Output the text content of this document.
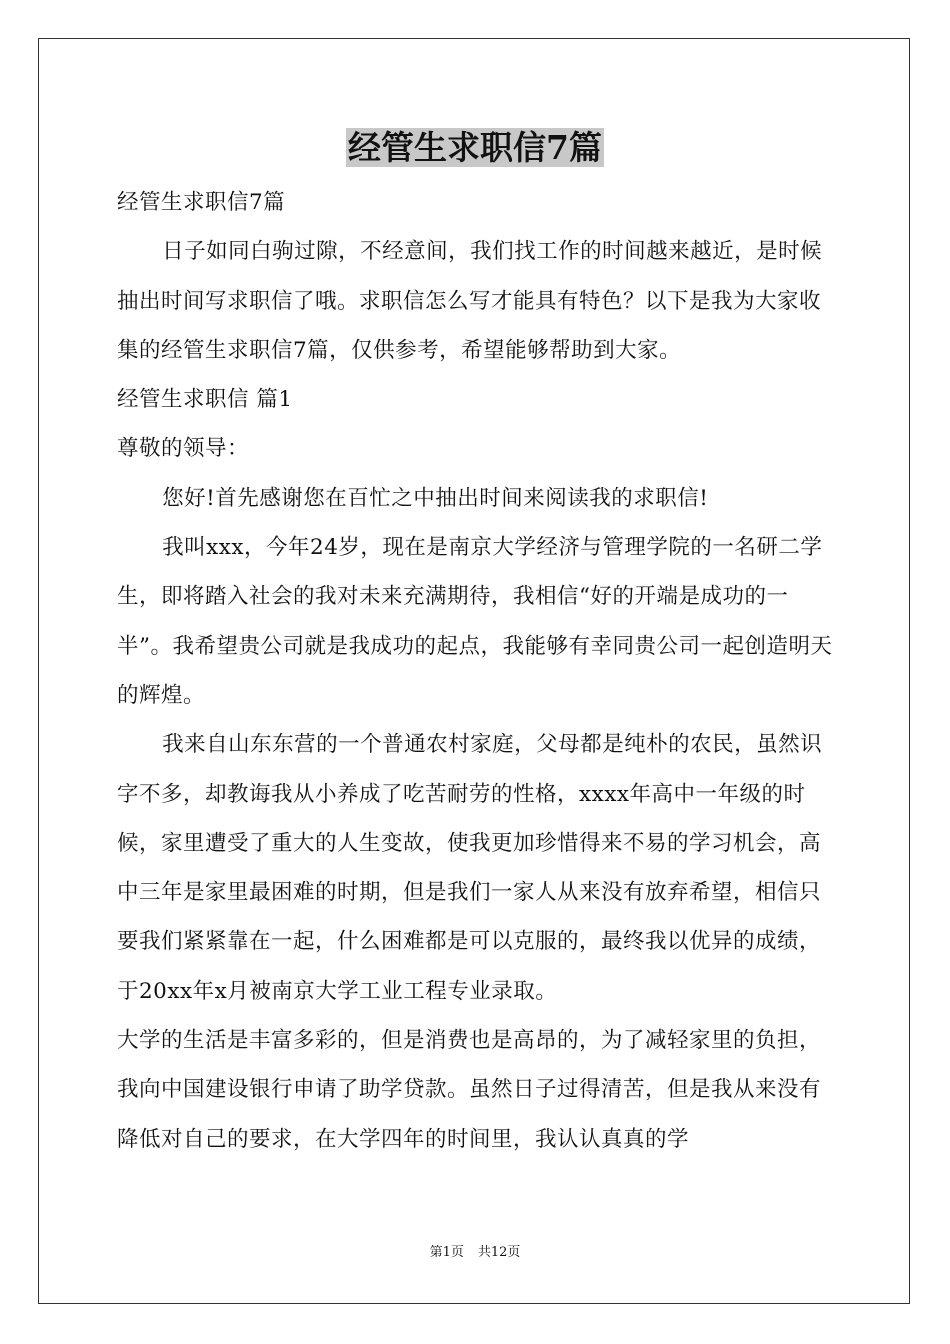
经管生求职信7篇

经管生求职信7篇

日子如同白驹过隙，不经意间，我们找工作的时间越来越近，是时候抽出时间写求职信了哦。求职信怎么写才能具有特色？以下是我为大家收集的经管生求职信7篇，仅供参考，希望能够帮助到大家。

经管生求职信 篇1

尊敬的领导：

您好!首先感谢您在百忙之中抽出时间来阅读我的求职信!

我叫xxx，今年24岁，现在是南京大学经济与管理学院的一名研二学生，即将踏入社会的我对未来充满期待，我相信“好的开端是成功的一半”。我希望贵公司就是我成功的起点，我能够有幸同贵公司一起创造明天的辉煌。

我来自山东东营的一个普通农村家庭，父母都是纯朴的农民，虽然识字不多，却教诲我从小养成了吃苦耐劳的性格，xxxx年高中一年级的时候，家里遭受了重大的人生变故，使我更加珍惜得来不易的学习机会，高中三年是家里最困难的时期，但是我们一家人从来没有放弃希望，相信只要我们紧紧靠在一起，什么困难都是可以克服的，最终我以优异的成绩，于20xx年x月被南京大学工业工程专业录取。

大学的生活是丰富多彩的，但是消费也是高昂的，为了减轻家里的负担，我向中国建设银行申请了助学贷款。虽然日子过得清苦，但是我从来没有降低对自己的要求，在大学四年的时间里，我认认真真的学

第1页 共12页
